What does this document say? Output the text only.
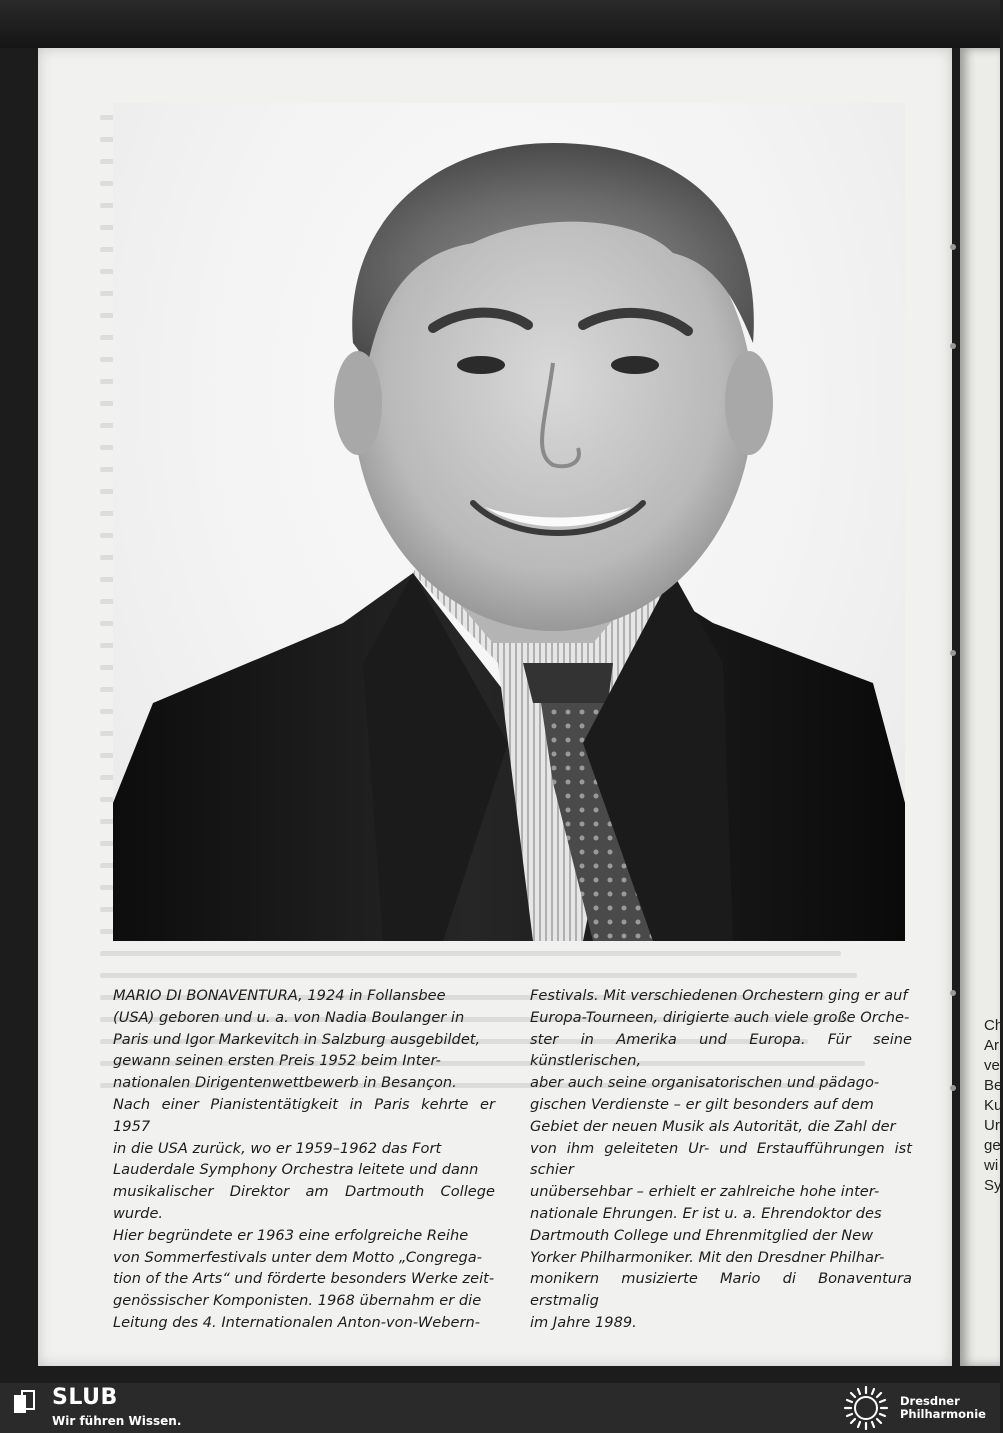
Ch
Ar
ve
Be
Ku
Ur
ge
wi
Sy
MARIO DI BONAVENTURA, 1924 in Follansbee
(USA) geboren und u. a. von Nadia Boulanger in
Paris und Igor Markevitch in Salzburg ausgebildet,
gewann seinen ersten Preis 1952 beim Inter-
nationalen Dirigentenwettbewerb in Besançon.
Nach einer Pianistentätigkeit in Paris kehrte er 1957
in die USA zurück, wo er 1959–1962 das Fort
Lauderdale Symphony Orchestra leitete und dann
musikalischer Direktor am Dartmouth College wurde.
Hier begründete er 1963 eine erfolgreiche Reihe
von Sommerfestivals unter dem Motto „Congrega-
tion of the Arts“ und förderte besonders Werke zeit-
genössischer Komponisten. 1968 übernahm er die
Leitung des 4. Internationalen Anton-von-Webern-
Festivals. Mit verschiedenen Orchestern ging er auf
Europa-Tourneen, dirigierte auch viele große Orche-
ster in Amerika und Europa. Für seine künstlerischen,
aber auch seine organisatorischen und pädago-
gischen Verdienste – er gilt besonders auf dem
Gebiet der neuen Musik als Autorität, die Zahl der
von ihm geleiteten Ur- und Erstaufführungen ist schier
unübersehbar – erhielt er zahlreiche hohe inter-
nationale Ehrungen. Er ist u. a. Ehrendoktor des
Dartmouth College und Ehrenmitglied der New
Yorker Philharmoniker. Mit den Dresdner Philhar-
monikern musizierte Mario di Bonaventura erstmalig
im Jahre 1989.
SLUB
Wir führen Wissen.
Dresdner
Philharmonie
